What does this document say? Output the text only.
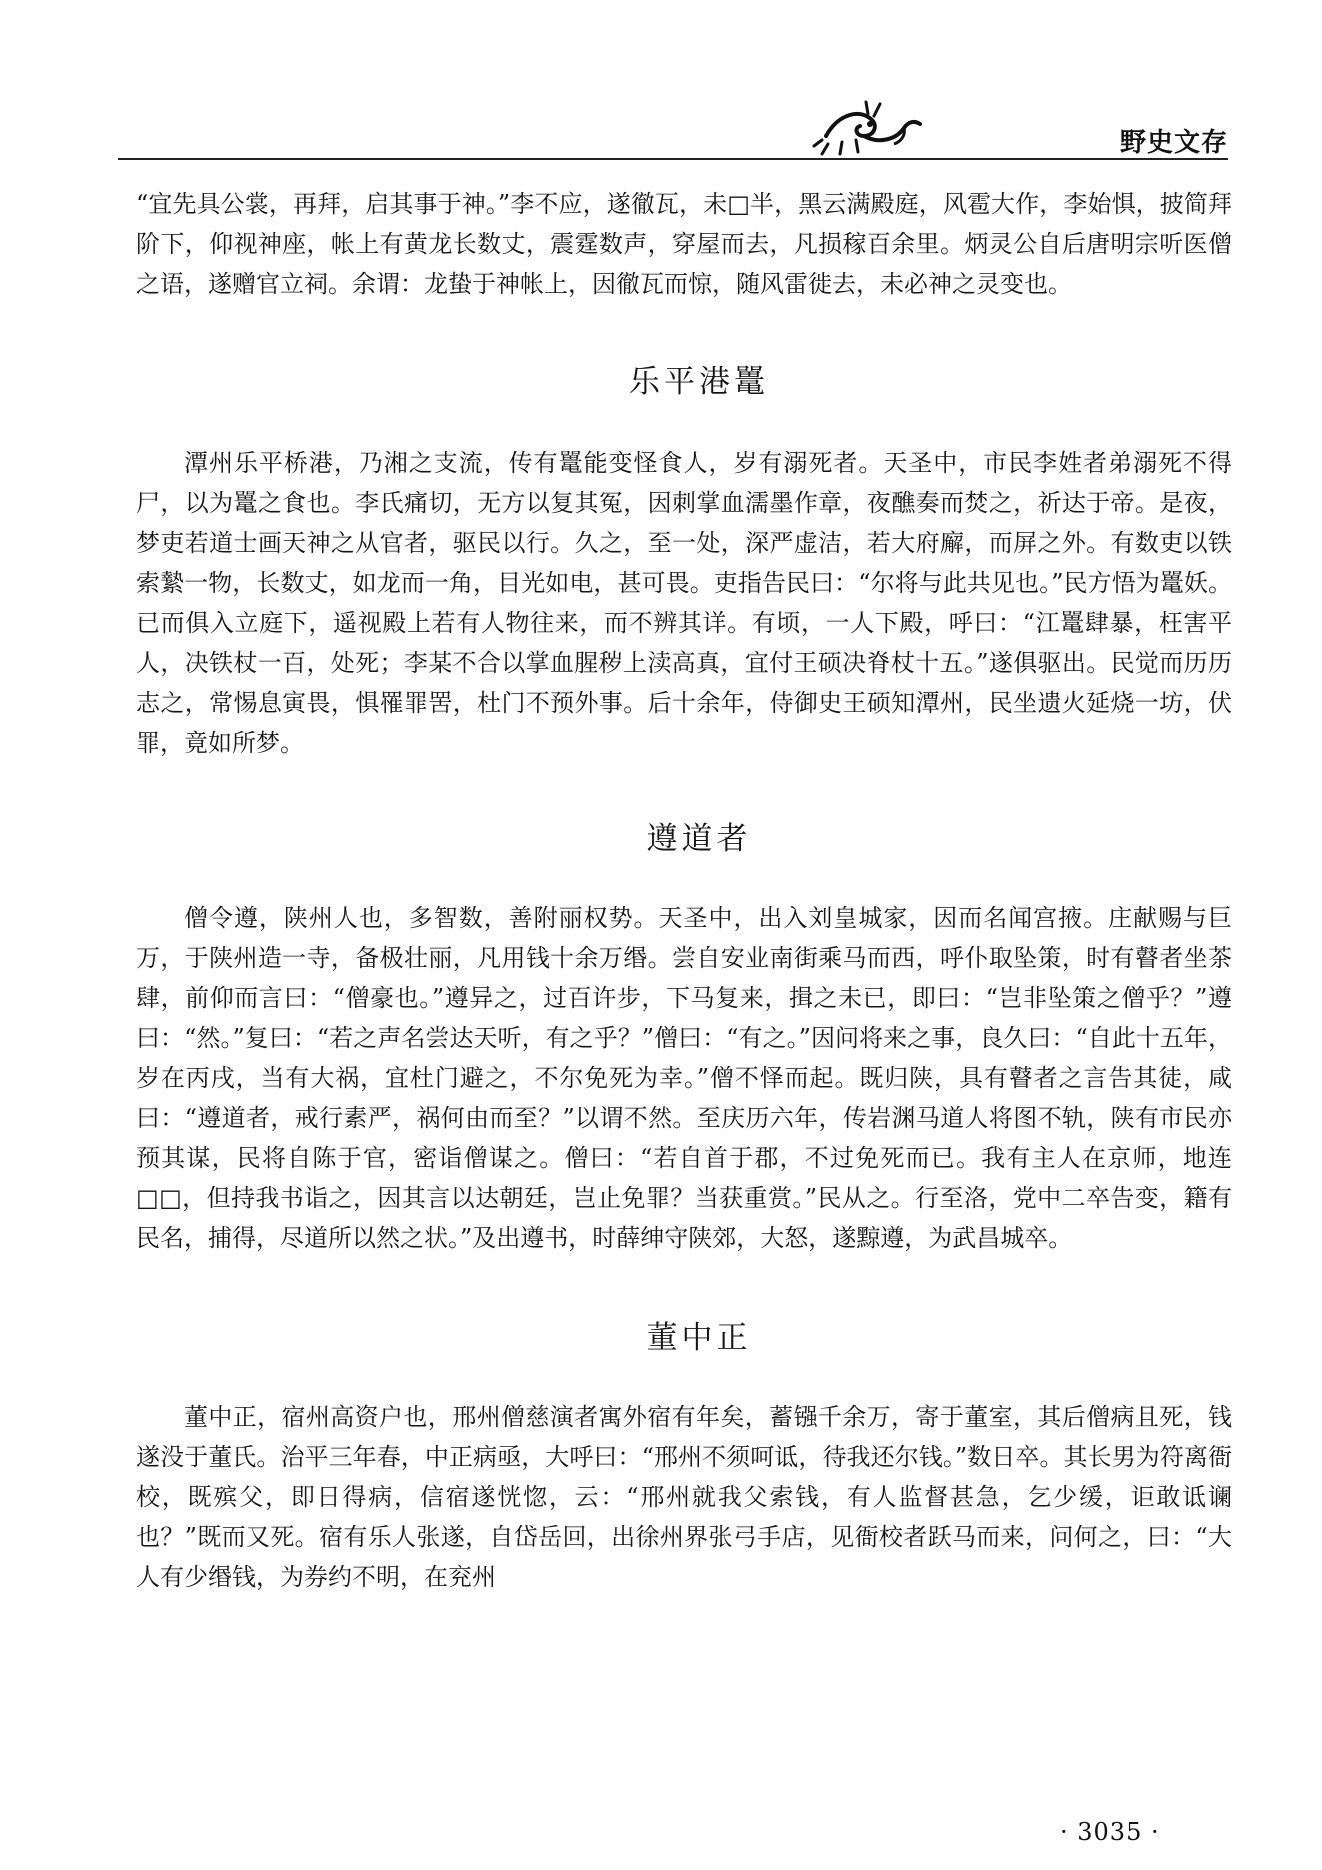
野史文存

“宜先具公裳，再拜，启其事于神。”李不应，遂徹瓦，未□半，黑云满殿庭，风雹大作，李始惧，披简拜阶下，仰视神座，帐上有黄龙长数丈，震霆数声，穿屋而去，凡损稼百余里。炳灵公自后唐明宗听医僧之语，遂赠官立祠。余谓：龙蛰于神帐上，因徹瓦而惊，随风雷徙去，未必神之灵变也。

乐平港鼍

潭州乐平桥港，乃湘之支流，传有鼍能变怪食人，岁有溺死者。天圣中，市民李姓者弟溺死不得尸，以为鼍之食也。李氏痛切，无方以复其冤，因刺掌血濡墨作章，夜醮奏而焚之，祈达于帝。是夜，梦吏若道士画天神之从官者，驱民以行。久之，至一处，深严虚洁，若大府廨，而屏之外。有数吏以铁索縶一物，长数丈，如龙而一角，目光如电，甚可畏。吏指告民曰：“尔将与此共见也。”民方悟为鼍妖。已而俱入立庭下，遥视殿上若有人物往来，而不辨其详。有顷，一人下殿，呼曰：“江鼍肆暴，枉害平人，决铁杖一百，处死；李某不合以掌血腥秽上渎高真，宜付王硕决脊杖十五。”遂俱驱出。民觉而历历志之，常惕息寅畏，惧罹罪罟，杜门不预外事。后十余年，侍御史王硕知潭州，民坐遗火延烧一坊，伏罪，竟如所梦。

遵道者

僧令遵，陕州人也，多智数，善附丽权势。天圣中，出入刘皇城家，因而名闻宫掖。庄献赐与巨万，于陕州造一寺，备极壮丽，凡用钱十余万缗。尝自安业南街乘马而西，呼仆取坠策，时有瞽者坐茶肆，前仰而言曰：“僧豪也。”遵异之，过百许步，下马复来，揖之未已，即曰：“岂非坠策之僧乎？”遵曰：“然。”复曰：“若之声名尝达天听，有之乎？”僧曰：“有之。”因问将来之事，良久曰：“自此十五年，岁在丙戌，当有大祸，宜杜门避之，不尔免死为幸。”僧不怿而起。既归陕，具有瞽者之言告其徒，咸曰：“遵道者，戒行素严，祸何由而至？”以谓不然。至庆历六年，传岩渊马道人将图不轨，陕有市民亦预其谋，民将自陈于官，密诣僧谋之。僧曰：“若自首于郡，不过免死而已。我有主人在京师，地连□□，但持我书诣之，因其言以达朝廷，岂止免罪？当获重赏。”民从之。行至洛，党中二卒告变，籍有民名，捕得，尽道所以然之状。”及出遵书，时薛绅守陕郊，大怒，遂黥遵，为武昌城卒。

董中正

董中正，宿州高资户也，邢州僧慈演者寓外宿有年矣，蓄镪千余万，寄于董室，其后僧病且死，钱遂没于董氏。治平三年春，中正病亟，大呼曰：“邢州不须呵诋，待我还尔钱。”数日卒。其长男为符离衙校，既殡父，即日得病，信宿遂恍惚，云：“邢州就我父索钱，有人监督甚急，乞少缓，讵敢诋谰也？”既而又死。宿有乐人张遂，自岱岳回，出徐州界张弓手店，见衙校者跃马而来，问何之，曰：“大人有少缗钱，为券约不明，在兖州

· 3035 ·
